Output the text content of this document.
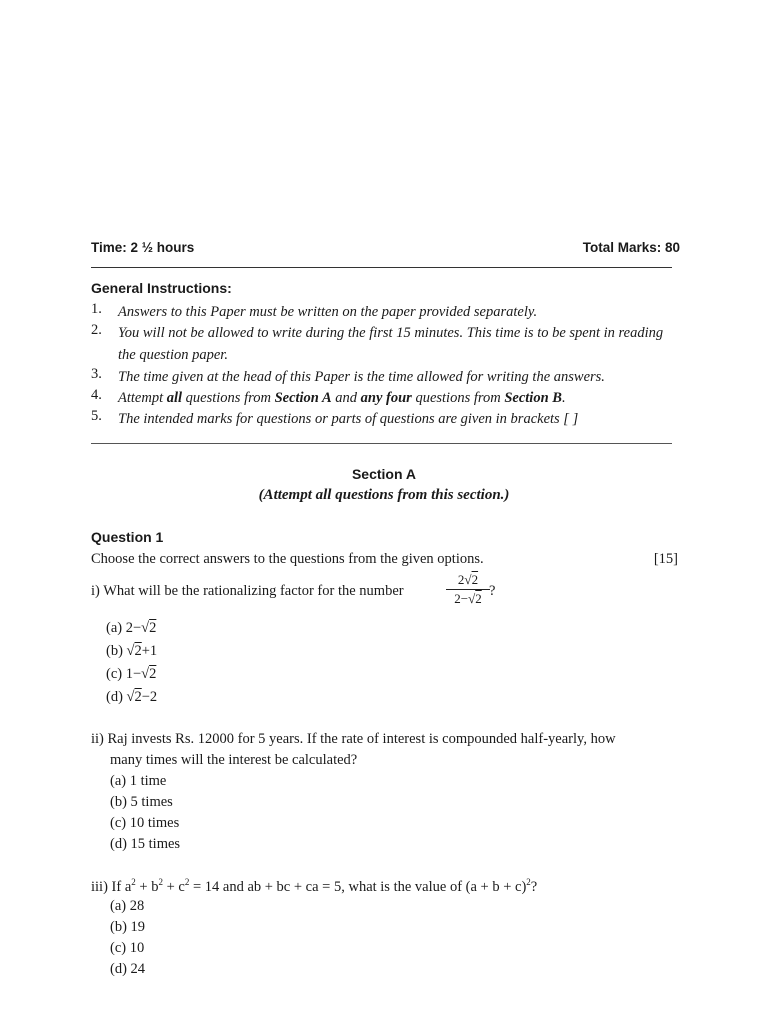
Time: 2 ½ hours	Total Marks: 80
General Instructions:
1. Answers to this Paper must be written on the paper provided separately.
2. You will not be allowed to write during the first 15 minutes. This time is to be spent in reading the question paper.
3. The time given at the head of this Paper is the time allowed for writing the answers.
4. Attempt all questions from Section A and any four questions from Section B.
5. The intended marks for questions or parts of questions are given in brackets [ ]
Section A
(Attempt all questions from this section.)
Question 1
Choose the correct answers to the questions from the given options.	[15]
i) What will be the rationalizing factor for the number
2√2
2−√2 ?
(a) 2−√2
(b) √2+1
(c) 1−√2
(d) √2−2
ii) Raj invests Rs. 12000 for 5 years. If the rate of interest is compounded half-yearly, how
many times will the interest be calculated?
(a) 1 time
(b) 5 times
(c) 10 times
(d) 15 times
iii) If $a^2 + b^2 + c^2 = 14$ and ab + bc + ca = 5, what is the value of $(a + b + c)^2$?
(a) 28
(b) 19
(c) 10
(d) 24
